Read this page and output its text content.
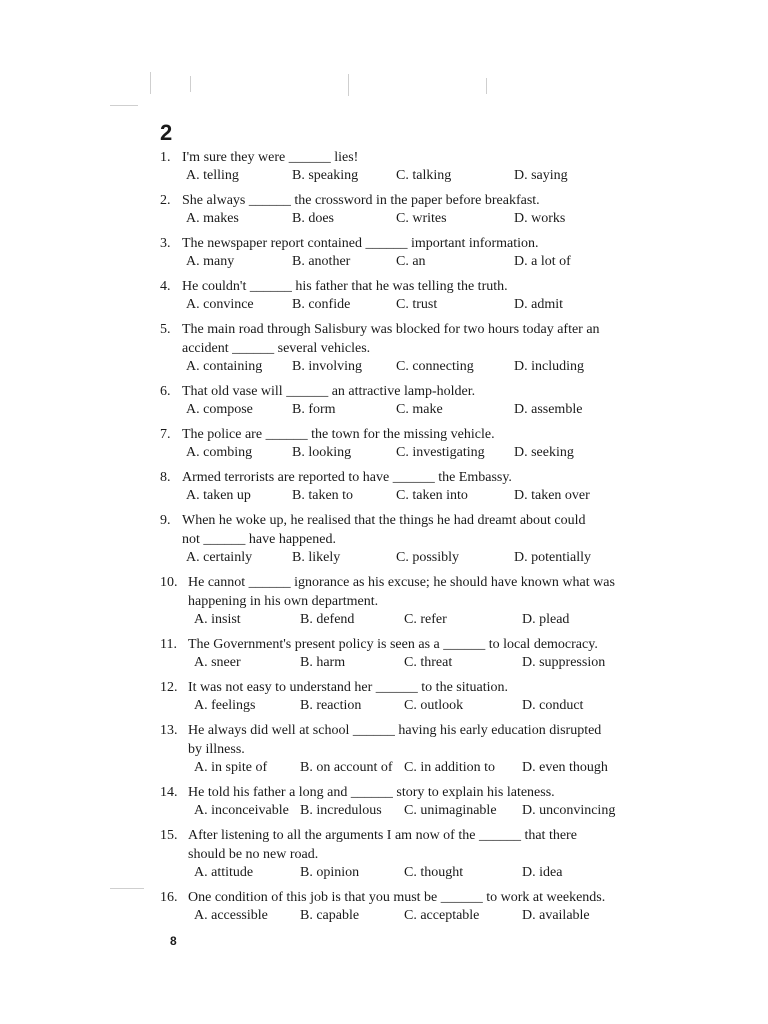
2
1. I'm sure they were ______ lies!
A. telling	B. speaking	C. talking	D. saying
2. She always ______ the crossword in the paper before breakfast.
A. makes	B. does	C. writes	D. works
3. The newspaper report contained ______ important information.
A. many	B. another	C. an	D. a lot of
4. He couldn't ______ his father that he was telling the truth.
A. convince	B. confide	C. trust	D. admit
5. The main road through Salisbury was blocked for two hours today after an
accident ______ several vehicles.
A. containing	B. involving	C. connecting	D. including
6. That old vase will ______ an attractive lamp-holder.
A. compose	B. form	C. make	D. assemble
7. The police are ______ the town for the missing vehicle.
A. combing	B. looking	C. investigating	D. seeking
8. Armed terrorists are reported to have ______ the Embassy.
A. taken up	B. taken to	C. taken into	D. taken over
9. When he woke up, he realised that the things he had dreamt about could
not ______ have happened.
A. certainly	B. likely	C. possibly	D. potentially
10. He cannot ______ ignorance as his excuse; he should have known what was
happening in his own department.
A. insist	B. defend	C. refer	D. plead
11. The Government's present policy is seen as a ______ to local democracy.
A. sneer	B. harm	C. threat	D. suppression
12. It was not easy to understand her ______ to the situation.
A. feelings	B. reaction	C. outlook	D. conduct
13. He always did well at school ______ having his early education disrupted
by illness.
A. in spite of	B. on account of C. in addition to	D. even though
14. He told his father a long and ______ story to explain his lateness.
A. inconceivable B. incredulous	C. unimaginable	D. unconvincing
15. After listening to all the arguments I am now of the ______ that there
should be no new road.
A. attitude	B. opinion	C. thought	D. idea
16. One condition of this job is that you must be ______ to work at weekends.
A. accessible	B. capable	C. acceptable	D. available
8
